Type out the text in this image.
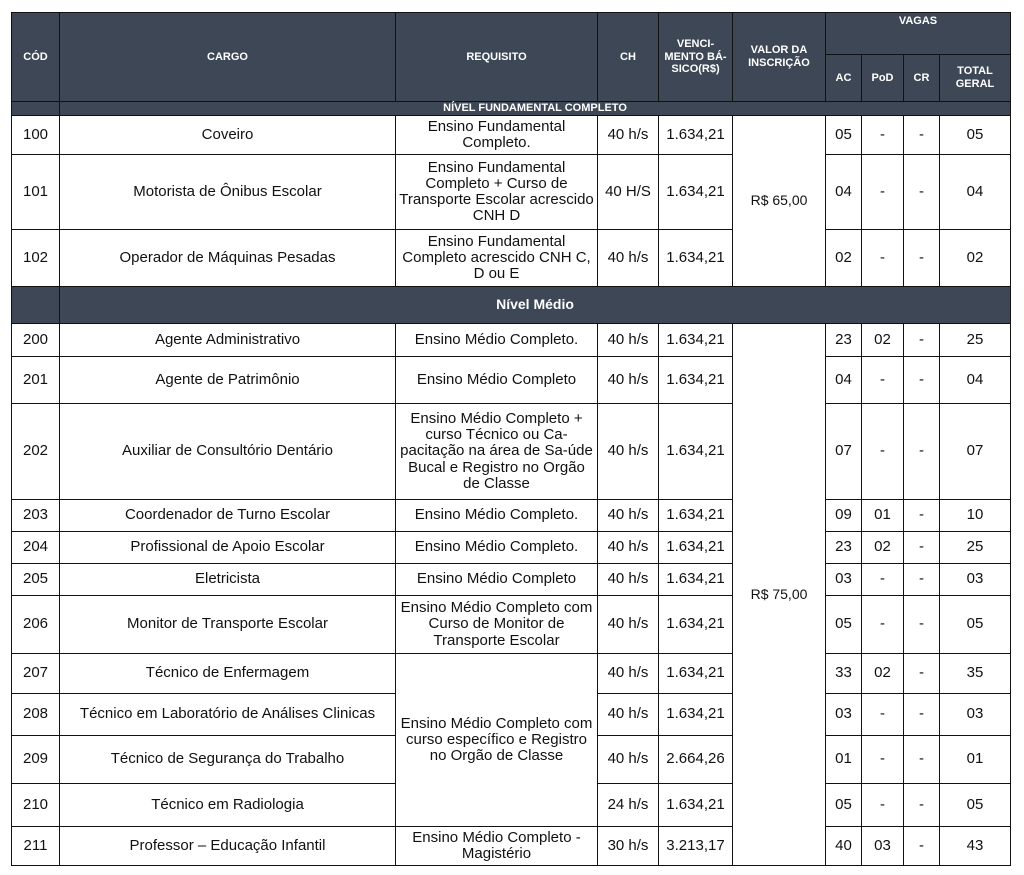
CÓD	CARGO	REQUISITO	CH	VENCI-MENTO BÁ-SICO(R$)	VALOR DA INSCRIÇÃO	VAGAS			
						AC	PoD	CR	TOTAL GERAL
	NÍVEL FUNDAMENTAL COMPLETO								
100	Coveiro	Ensino Fundamental Completo.	40 h/s	1.634,21	R$ 65,00	05	-	-	05
101	Motorista de Ônibus Escolar	Ensino Fundamental Completo + Curso de Transporte Escolar acrescido CNH D	40 H/S	1.634,21		04	-	-	04
102	Operador de Máquinas Pesadas	Ensino Fundamental Completo acrescido CNH C, D ou E	40 h/s	1.634,21		02	-	-	02
	Nível Médio								
200	Agente Administrativo	Ensino Médio Completo.	40 h/s	1.634,21	R$ 75,00	23	02	-	25
201	Agente de Patrimônio	Ensino Médio Completo	40 h/s	1.634,21		04	-	-	04
202	Auxiliar de Consultório Dentário	Ensino Médio Completo + curso Técnico ou Ca-pacitação na área de Sa-úde Bucal e Registro no Orgão de Classe	40 h/s	1.634,21		07	-	-	07
203	Coordenador de Turno Escolar	Ensino Médio Completo.	40 h/s	1.634,21		09	01	-	10
204	Profissional de Apoio Escolar	Ensino Médio Completo.	40 h/s	1.634,21		23	02	-	25
205	Eletricista	Ensino Médio Completo	40 h/s	1.634,21		03	-	-	03
206	Monitor de Transporte Escolar	Ensino Médio Completo com Curso de Monitor de Transporte Escolar	40 h/s	1.634,21		05	-	-	05
207	Técnico de Enfermagem	Ensino Médio Completo com curso específico e Registro no Orgão de Classe	40 h/s	1.634,21		33	02	-	35
208	Técnico em Laboratório de Análises Clinicas		40 h/s	1.634,21		03	-	-	03
209	Técnico de Segurança do Trabalho		40 h/s	2.664,26		01	-	-	01
210	Técnico em Radiologia		24 h/s	1.634,21		05	-	-	05
211	Professor – Educação Infantil	Ensino Médio Completo - Magistério	30 h/s	3.213,17		40	03	-	43
